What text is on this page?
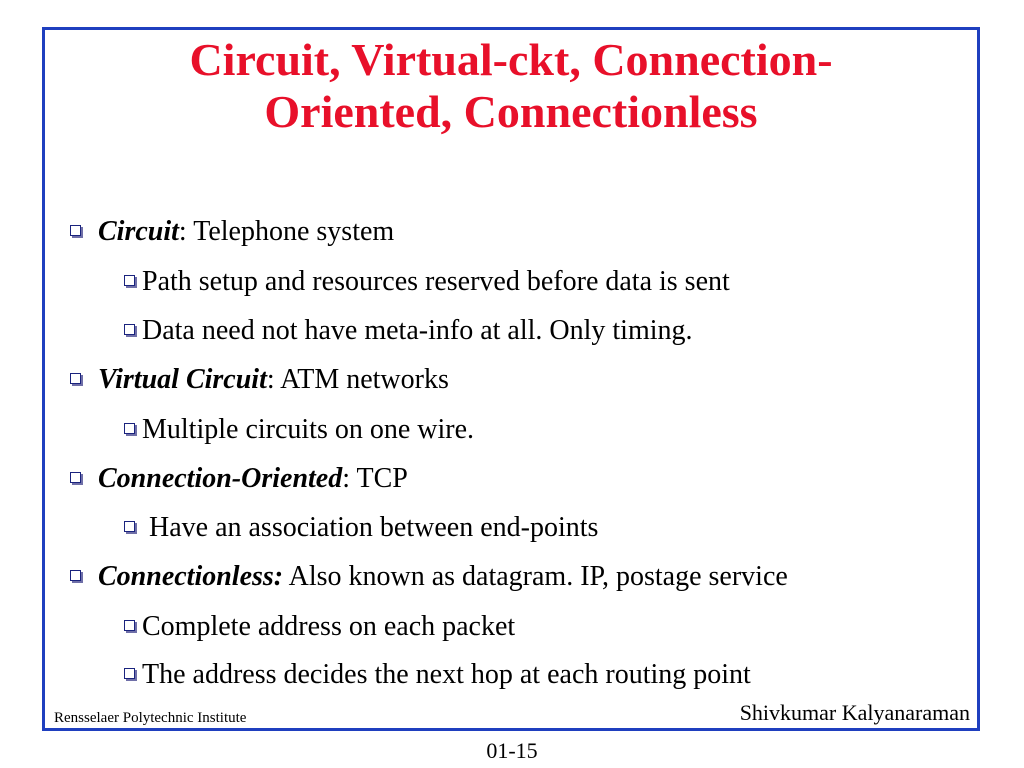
Circuit, Virtual-ckt, Connection-
Oriented, Connectionless
Circuit: Telephone system
Path setup and resources reserved before data is sent
Data need not have meta-info at all. Only timing.
Virtual Circuit: ATM networks
Multiple circuits on one wire.
Connection-Oriented: TCP
Have an association between end-points
Connectionless: Also known as datagram. IP, postage service
Complete address on each packet
The address decides the next hop at each routing point
Rensselaer Polytechnic Institute	Shivkumar Kalyanaraman
01-15
